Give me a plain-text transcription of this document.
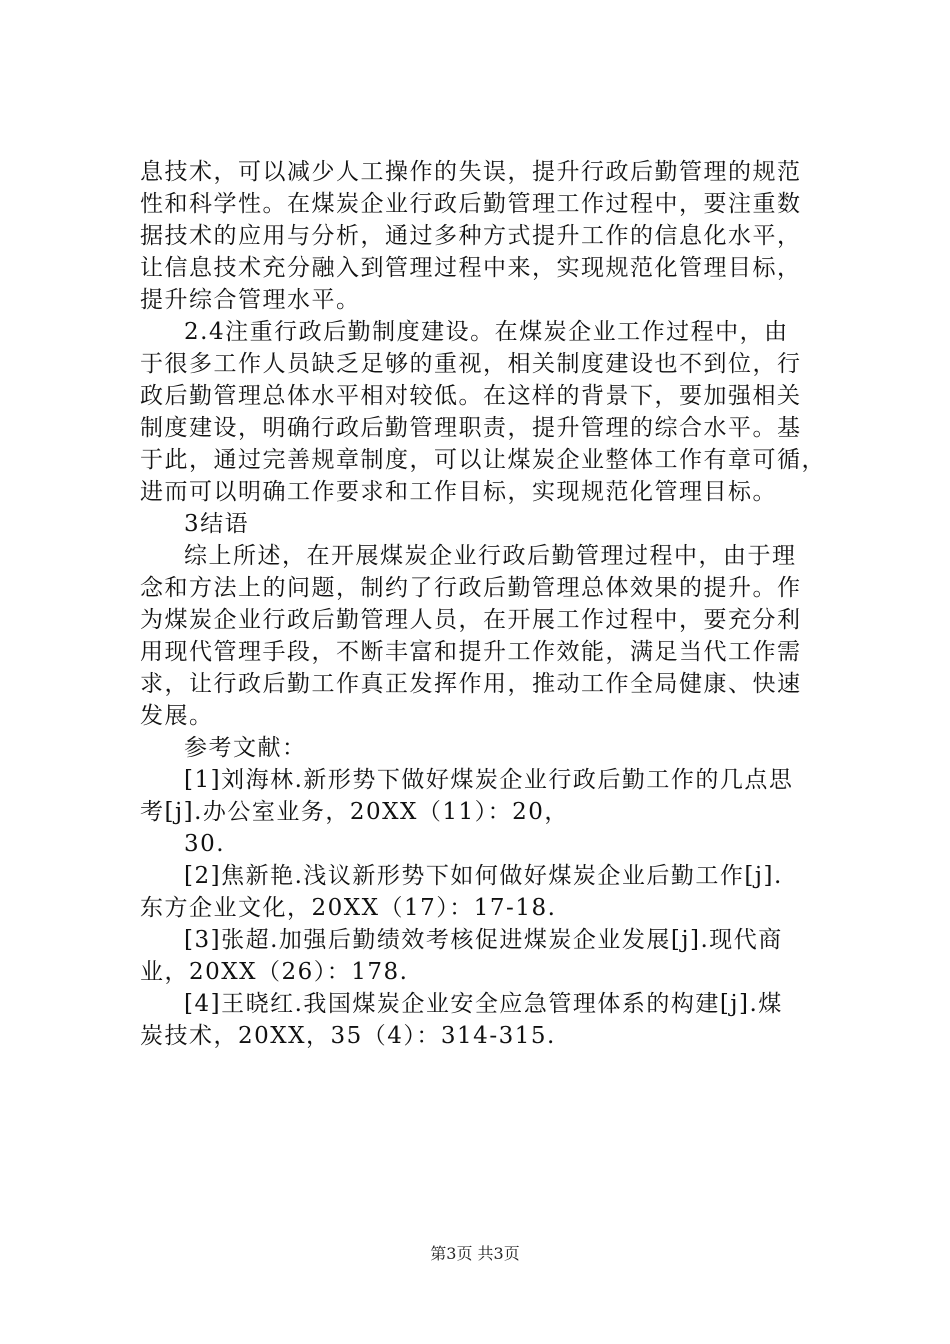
息技术，可以减少人工操作的失误，提升行政后勤管理的规范
性和科学性。在煤炭企业行政后勤管理工作过程中，要注重数
据技术的应用与分析，通过多种方式提升工作的信息化水平，
让信息技术充分融入到管理过程中来，实现规范化管理目标，
提升综合管理水平。
2.4注重行政后勤制度建设。在煤炭企业工作过程中，由
于很多工作人员缺乏足够的重视，相关制度建设也不到位，行
政后勤管理总体水平相对较低。在这样的背景下，要加强相关
制度建设，明确行政后勤管理职责，提升管理的综合水平。基
于此，通过完善规章制度，可以让煤炭企业整体工作有章可循，
进而可以明确工作要求和工作目标，实现规范化管理目标。
3结语
综上所述，在开展煤炭企业行政后勤管理过程中，由于理
念和方法上的问题，制约了行政后勤管理总体效果的提升。作
为煤炭企业行政后勤管理人员，在开展工作过程中，要充分利
用现代管理手段，不断丰富和提升工作效能，满足当代工作需
求，让行政后勤工作真正发挥作用，推动工作全局健康、快速
发展。
参考文献：
[1]刘海林.新形势下做好煤炭企业行政后勤工作的几点思
考[j].办公室业务，20XX（11）：20，
30.
[2]焦新艳.浅议新形势下如何做好煤炭企业后勤工作[j].
东方企业文化，20XX（17）：17-18.
[3]张超.加强后勤绩效考核促进煤炭企业发展[j].现代商
业，20XX（26）：178.
[4]王晓红.我国煤炭企业安全应急管理体系的构建[j].煤
炭技术，20XX，35（4）：314-315.
第3页 共3页
